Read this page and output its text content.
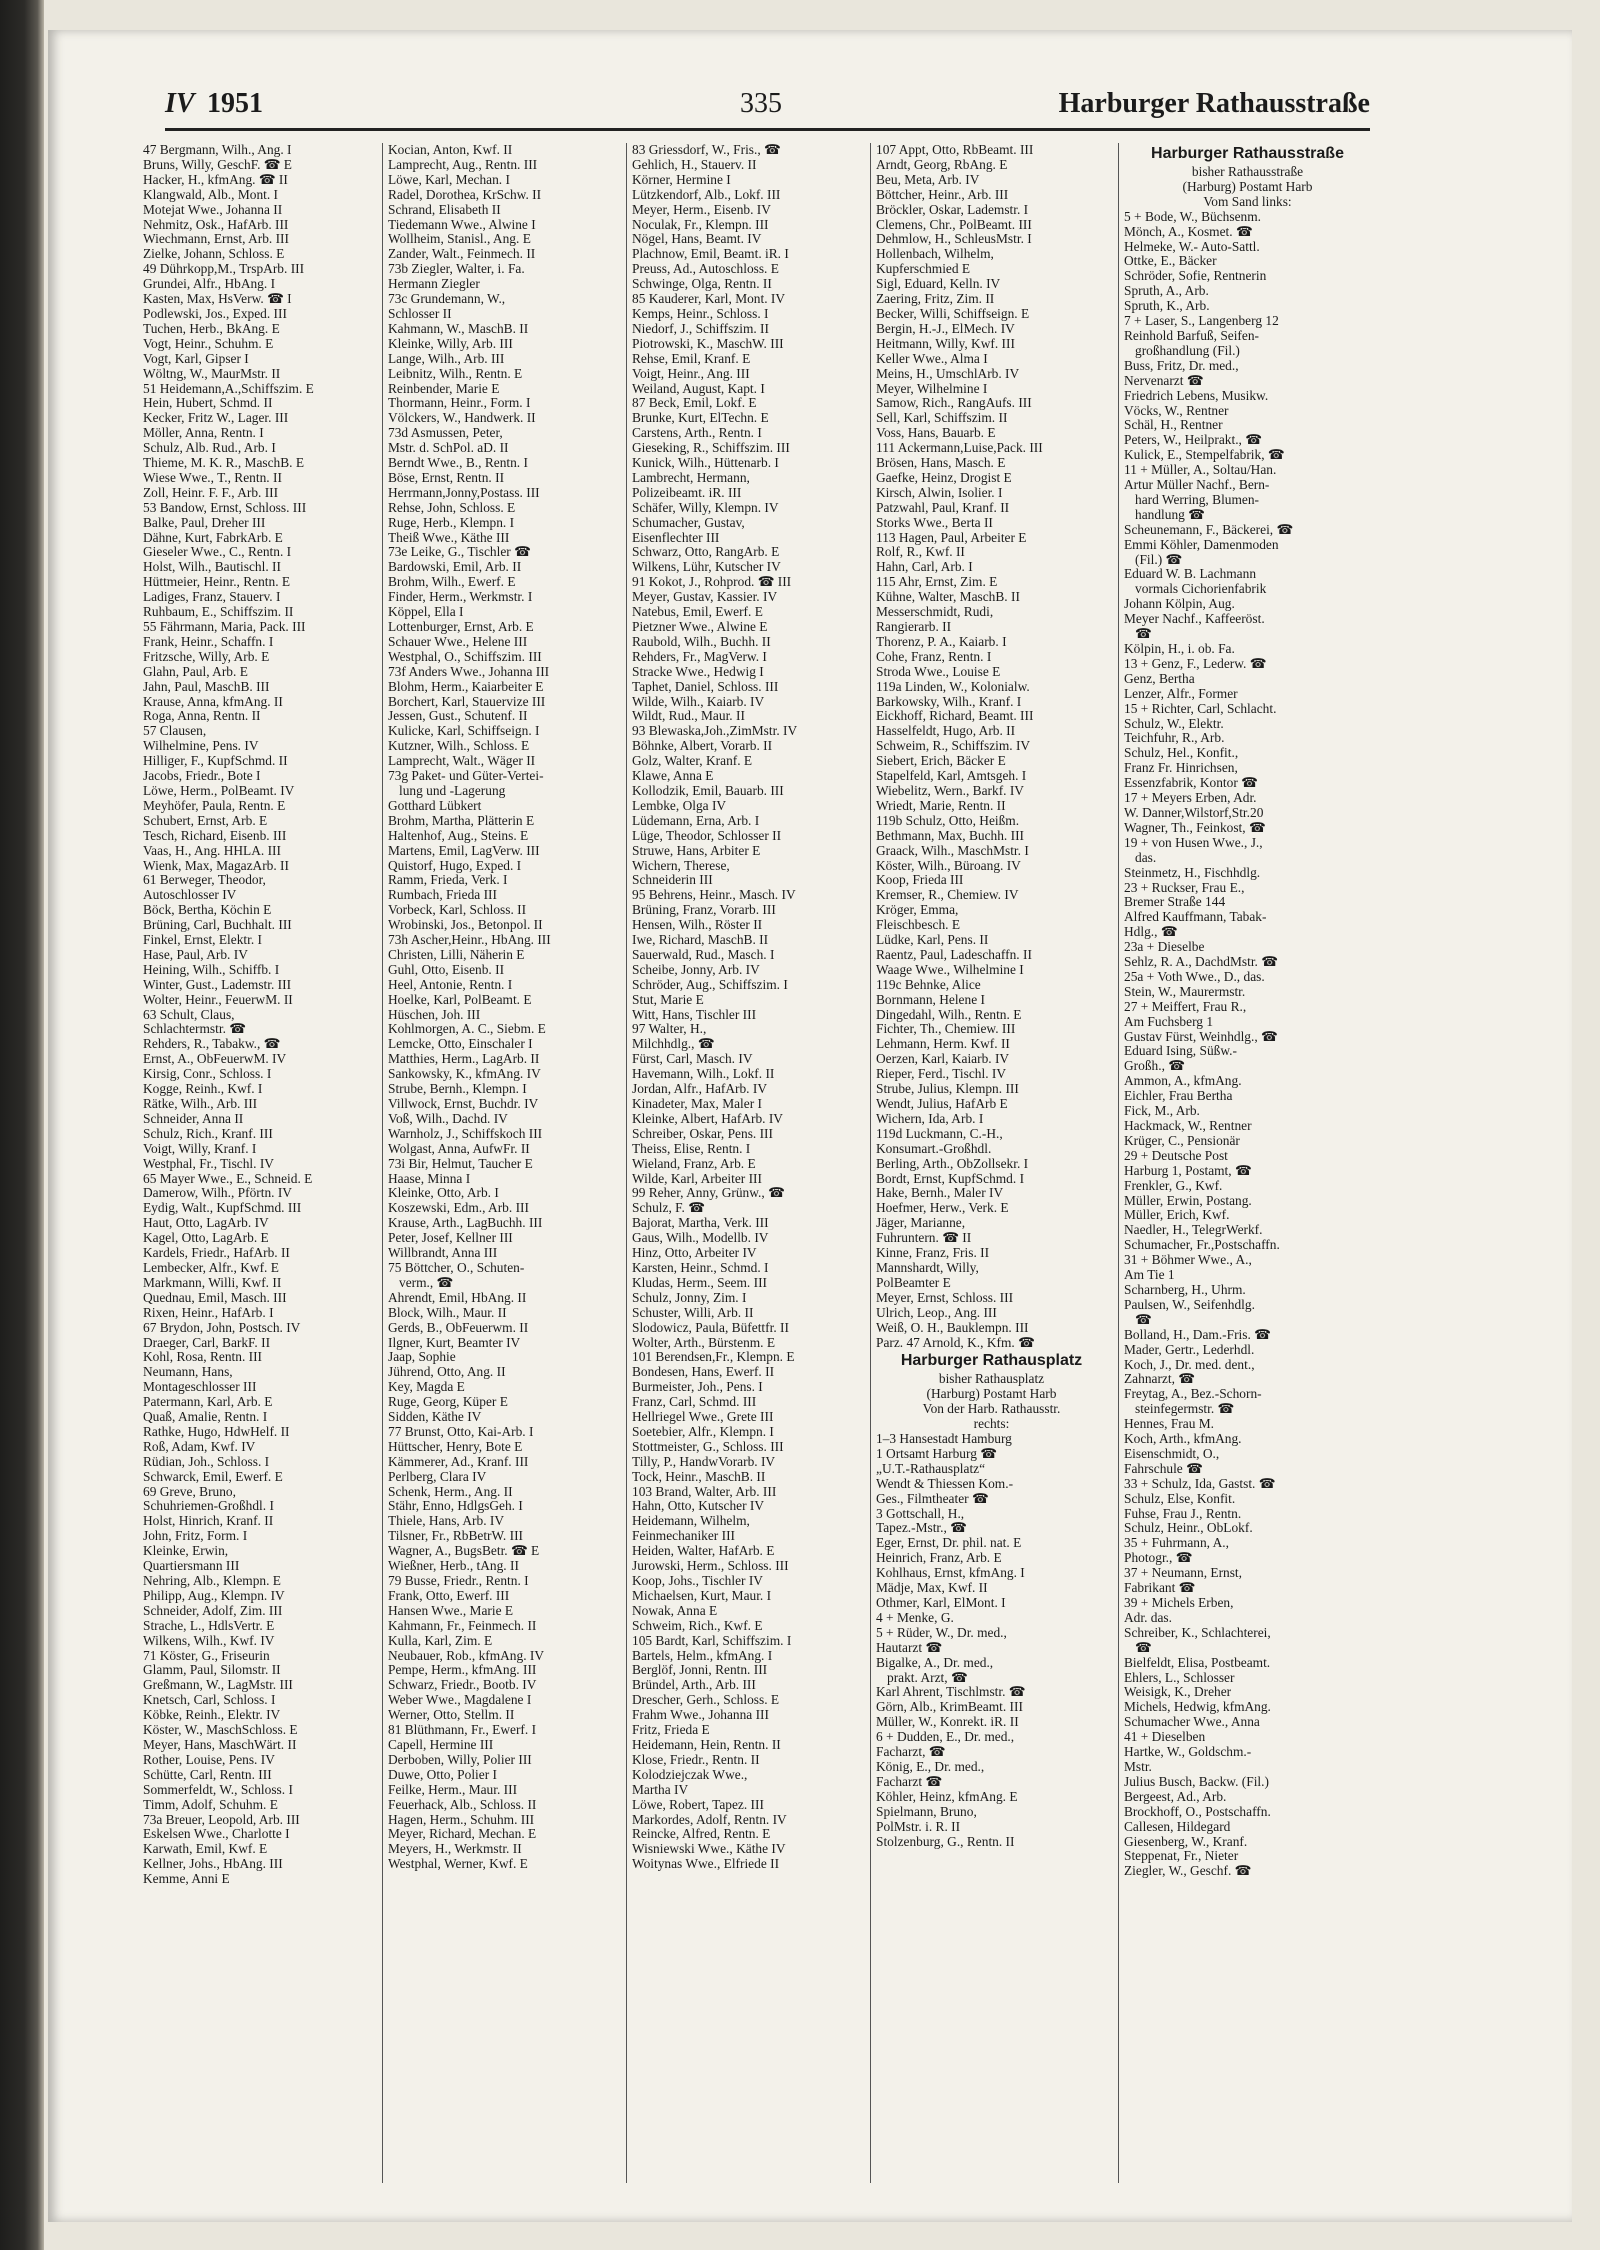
IV 1951	335	Harburger Rathausstraße
47 Bergmann, Wilh., Ang. I
Bruns, Willy, GeschF. ☎ E
Hacker, H., kfmAng. ☎ II
Klangwald, Alb., Mont. I
Motejat Wwe., Johanna II
Nehmitz, Osk., HafArb. III
Wiechmann, Ernst, Arb. III
Zielke, Johann, Schloss. E
49 Dührkopp,M., TrspArb. III
Grundei, Alfr., HbAng. I
Kasten, Max, HsVerw. ☎ I
Podlewski, Jos., Exped. III
Tuchen, Herb., BkAng. E
Vogt, Heinr., Schuhm. E
Vogt, Karl, Gipser I
Wöltng, W., MaurMstr. II
51 Heidemann,A.,Schiffszim. E
Hein, Hubert, Schmd. II
Kecker, Fritz W., Lager. III
Möller, Anna, Rentn. I
Schulz, Alb. Rud., Arb. I
Thieme, M. K. R., MaschB. E
Wiese Wwe., T., Rentn. II
Zoll, Heinr. F. F., Arb. III
53 Bandow, Ernst, Schloss. III
Balke, Paul, Dreher III
Dähne, Kurt, FabrkArb. E
Gieseler Wwe., C., Rentn. I
Holst, Wilh., Bautischl. II
Hüttmeier, Heinr., Rentn. E
Ladiges, Franz, Stauerv. I
Ruhbaum, E., Schiffszim. II
55 Fährmann, Maria, Pack. III
Frank, Heinr., Schaffn. I
Fritzsche, Willy, Arb. E
Glahn, Paul, Arb. E
Jahn, Paul, MaschB. III
Krause, Anna, kfmAng. II
Roga, Anna, Rentn. II
57 Clausen,
Wilhelmine, Pens. IV
Hilliger, F., KupfSchmd. II
Jacobs, Friedr., Bote I
Löwe, Herm., PolBeamt. IV
Meyhöfer, Paula, Rentn. E
Schubert, Ernst, Arb. E
Tesch, Richard, Eisenb. III
Vaas, H., Ang. HHLA. III
Wienk, Max, MagazArb. II
61 Berweger, Theodor,
Autoschlosser IV
Böck, Bertha, Köchin E
Brüning, Carl, Buchhalt. III
Finkel, Ernst, Elektr. I
Hase, Paul, Arb. IV
Heining, Wilh., Schiffb. I
Winter, Gust., Lademstr. III
Wolter, Heinr., FeuerwM. II
63 Schult, Claus,
Schlachtermstr. ☎
Rehders, R., Tabakw., ☎
Ernst, A., ObFeuerwM. IV
Kirsig, Conr., Schloss. I
Kogge, Reinh., Kwf. I
Rätke, Wilh., Arb. III
Schneider, Anna II
Schulz, Rich., Kranf. III
Voigt, Willy, Kranf. I
Westphal, Fr., Tischl. IV
65 Mayer Wwe., E., Schneid. E
Damerow, Wilh., Pförtn. IV
Eydig, Walt., KupfSchmd. III
Haut, Otto, LagArb. IV
Kagel, Otto, LagArb. E
Kardels, Friedr., HafArb. II
Lembecker, Alfr., Kwf. E
Markmann, Willi, Kwf. II
Quednau, Emil, Masch. III
Rixen, Heinr., HafArb. I
67 Brydon, John, Postsch. IV
Draeger, Carl, BarkF. II
Kohl, Rosa, Rentn. III
Neumann, Hans,
Montageschlosser III
Patermann, Karl, Arb. E
Quaß, Amalie, Rentn. I
Rathke, Hugo, HdwHelf. II
Roß, Adam, Kwf. IV
Rüdian, Joh., Schloss. I
Schwarck, Emil, Ewerf. E
69 Greve, Bruno,
Schuhriemen-Großhdl. I
Holst, Hinrich, Kranf. II
John, Fritz, Form. I
Kleinke, Erwin,
Quartiersmann III
Nehring, Alb., Klempn. E
Philipp, Aug., Klempn. IV
Schneider, Adolf, Zim. III
Strache, L., HdlsVertr. E
Wilkens, Wilh., Kwf. IV
71 Köster, G., Friseurin
Glamm, Paul, Silomstr. II
Greßmann, W., LagMstr. III
Knetsch, Carl, Schloss. I
Köbke, Reinh., Elektr. IV
Köster, W., MaschSchloss. E
Meyer, Hans, MaschWärt. II
Rother, Louise, Pens. IV
Schütte, Carl, Rentn. III
Sommerfeldt, W., Schloss. I
Timm, Adolf, Schuhm. E
73a Breuer, Leopold, Arb. III
Eskelsen Wwe., Charlotte I
Karwath, Emil, Kwf. E
Kellner, Johs., HbAng. III
Kemme, Anni E
Kocian, Anton, Kwf. II
Lamprecht, Aug., Rentn. III
Löwe, Karl, Mechan. I
Radel, Dorothea, KrSchw. II
Schrand, Elisabeth II
Tiedemann Wwe., Alwine I
Wollheim, Stanisl., Ang. E
Zander, Walt., Feinmech. II
73b Ziegler, Walter, i. Fa.
Hermann Ziegler
73c Grundemann, W.,
Schlosser II
Kahmann, W., MaschB. II
Kleinke, Willy, Arb. III
Lange, Wilh., Arb. III
Leibnitz, Wilh., Rentn. E
Reinbender, Marie E
Thormann, Heinr., Form. I
Völckers, W., Handwerk. II
73d Asmussen, Peter,
Mstr. d. SchPol. aD. II
Berndt Wwe., B., Rentn. I
Böse, Ernst, Rentn. II
Herrmann,Jonny,Postass. III
Rehse, John, Schloss. E
Ruge, Herb., Klempn. I
Theiß Wwe., Käthe III
73e Leike, G., Tischler ☎
Bardowski, Emil, Arb. II
Brohm, Wilh., Ewerf. E
Finder, Herm., Werkmstr. I
Köppel, Ella I
Lottenburger, Ernst, Arb. E
Schauer Wwe., Helene III
Westphal, O., Schiffszim. III
73f Anders Wwe., Johanna III
Blohm, Herm., Kaiarbeiter E
Borchert, Karl, Stauervize III
Jessen, Gust., Schutenf. II
Kulicke, Karl, Schiffseign. I
Kutzner, Wilh., Schloss. E
Lamprecht, Walt., Wäger II
73g Paket- und Güter-Vertei-
lung und -Lagerung
Gotthard Lübkert
Brohm, Martha, Plätterin E
Haltenhof, Aug., Steins. E
Martens, Emil, LagVerw. III
Quistorf, Hugo, Exped. I
Ramm, Frieda, Verk. I
Rumbach, Frieda III
Vorbeck, Karl, Schloss. II
Wrobinski, Jos., Betonpol. II
73h Ascher,Heinr., HbAng. III
Christen, Lilli, Näherin E
Guhl, Otto, Eisenb. II
Heel, Antonie, Rentn. I
Hoelke, Karl, PolBeamt. E
Hüschen, Joh. III
Kohlmorgen, A. C., Siebm. E
Lemcke, Otto, Einschaler I
Matthies, Herm., LagArb. II
Sankowsky, K., kfmAng. IV
Strube, Bernh., Klempn. I
Villwock, Ernst, Buchdr. IV
Voß, Wilh., Dachd. IV
Warnholz, J., Schiffskoch III
Wolgast, Anna, AufwFr. II
73i Bir, Helmut, Taucher E
Haase, Minna I
Kleinke, Otto, Arb. I
Koszewski, Edm., Arb. III
Krause, Arth., LagBuchh. III
Peter, Josef, Kellner III
Willbrandt, Anna III
75 Böttcher, O., Schuten-
verm., ☎
Ahrendt, Emil, HbAng. II
Block, Wilh., Maur. II
Gerds, B., ObFeuerwm. II
Ilgner, Kurt, Beamter IV
Jaap, Sophie
Jührend, Otto, Ang. II
Key, Magda E
Ruge, Georg, Küper E
Sidden, Käthe IV
77 Brunst, Otto, Kai-Arb. I
Hüttscher, Henry, Bote E
Kämmerer, Ad., Kranf. III
Perlberg, Clara IV
Schenk, Herm., Ang. II
Stähr, Enno, HdlgsGeh. I
Thiele, Hans, Arb. IV
Tilsner, Fr., RbBetrW. III
Wagner, A., BugsBetr. ☎ E
Wießner, Herb., tAng. II
79 Busse, Friedr., Rentn. I
Frank, Otto, Ewerf. III
Hansen Wwe., Marie E
Kahmann, Fr., Feinmech. II
Kulla, Karl, Zim. E
Neubauer, Rob., kfmAng. IV
Pempe, Herm., kfmAng. III
Schwarz, Friedr., Bootb. IV
Weber Wwe., Magdalene I
Werner, Otto, Stellm. II
81 Blüthmann, Fr., Ewerf. I
Capell, Hermine III
Derboben, Willy, Polier III
Duwe, Otto, Polier I
Feilke, Herm., Maur. III
Feuerhack, Alb., Schloss. II
Hagen, Herm., Schuhm. III
Meyer, Richard, Mechan. E
Meyers, H., Werkmstr. II
Westphal, Werner, Kwf. E
83 Griessdorf, W., Fris., ☎
Gehlich, H., Stauerv. II
Körner, Hermine I
Lützkendorf, Alb., Lokf. III
Meyer, Herm., Eisenb. IV
Noculak, Fr., Klempn. III
Nögel, Hans, Beamt. IV
Plachnow, Emil, Beamt. iR. I
Preuss, Ad., Autoschloss. E
Schwinge, Olga, Rentn. II
85 Kauderer, Karl, Mont. IV
Kemps, Heinr., Schloss. I
Niedorf, J., Schiffszim. II
Piotrowski, K., MaschW. III
Rehse, Emil, Kranf. E
Voigt, Heinr., Ang. III
Weiland, August, Kapt. I
87 Beck, Emil, Lokf. E
Brunke, Kurt, ElTechn. E
Carstens, Arth., Rentn. I
Gieseking, R., Schiffszim. III
Kunick, Wilh., Hüttenarb. I
Lambrecht, Hermann,
Polizeibeamt. iR. III
Schäfer, Willy, Klempn. IV
Schumacher, Gustav,
Eisenflechter III
Schwarz, Otto, RangArb. E
Wilkens, Lühr, Kutscher IV
91 Kokot, J., Rohprod. ☎ III
Meyer, Gustav, Kassier. IV
Natebus, Emil, Ewerf. E
Pietzner Wwe., Alwine E
Raubold, Wilh., Buchh. II
Rehders, Fr., MagVerw. I
Stracke Wwe., Hedwig I
Taphet, Daniel, Schloss. III
Wilde, Wilh., Kaiarb. IV
Wildt, Rud., Maur. II
93 Blewaska,Joh.,ZimMstr. IV
Böhnke, Albert, Vorarb. II
Golz, Walter, Kranf. E
Klawe, Anna E
Kollodzik, Emil, Bauarb. III
Lembke, Olga IV
Lüdemann, Erna, Arb. I
Lüge, Theodor, Schlosser II
Struwe, Hans, Arbiter E
Wichern, Therese,
Schneiderin III
95 Behrens, Heinr., Masch. IV
Brüning, Franz, Vorarb. III
Hensen, Wilh., Röster II
Iwe, Richard, MaschB. II
Sauerwald, Rud., Masch. I
Scheibe, Jonny, Arb. IV
Schröder, Aug., Schiffszim. I
Stut, Marie E
Witt, Hans, Tischler III
97 Walter, H.,
Milchhdlg., ☎
Fürst, Carl, Masch. IV
Havemann, Wilh., Lokf. II
Jordan, Alfr., HafArb. IV
Kinadeter, Max, Maler I
Kleinke, Albert, HafArb. IV
Schreiber, Oskar, Pens. III
Theiss, Elise, Rentn. I
Wieland, Franz, Arb. E
Wilde, Karl, Arbeiter III
99 Reher, Anny, Grünw., ☎
Schulz, F. ☎
Bajorat, Martha, Verk. III
Gaus, Wilh., Modellb. IV
Hinz, Otto, Arbeiter IV
Karsten, Heinr., Schmd. I
Kludas, Herm., Seem. III
Schulz, Jonny, Zim. I
Schuster, Willi, Arb. II
Slodowicz, Paula, Büfettfr. II
Wolter, Arth., Bürstenm. E
101 Berendsen,Fr., Klempn. E
Bondesen, Hans, Ewerf. II
Burmeister, Joh., Pens. I
Franz, Carl, Schmd. III
Hellriegel Wwe., Grete III
Soetebier, Alfr., Klempn. I
Stottmeister, G., Schloss. III
Tilly, P., HandwVorarb. IV
Tock, Heinr., MaschB. II
103 Brand, Walter, Arb. III
Hahn, Otto, Kutscher IV
Heidemann, Wilhelm,
Feinmechaniker III
Heiden, Walter, HafArb. E
Jurowski, Herm., Schloss. III
Koop, Johs., Tischler IV
Michaelsen, Kurt, Maur. I
Nowak, Anna E
Schweim, Rich., Kwf. E
105 Bardt, Karl, Schiffszim. I
Bartels, Helm., kfmAng. I
Berglöf, Jonni, Rentn. III
Bründel, Arth., Arb. III
Drescher, Gerh., Schloss. E
Frahm Wwe., Johanna III
Fritz, Frieda E
Heidemann, Hein, Rentn. II
Klose, Friedr., Rentn. II
Kolodziejczak Wwe.,
Martha IV
Löwe, Robert, Tapez. III
Markordes, Adolf, Rentn. IV
Reincke, Alfred, Rentn. E
Wisniewski Wwe., Käthe IV
Woitynas Wwe., Elfriede II
107 Appt, Otto, RbBeamt. III
Arndt, Georg, RbAng. E
Beu, Meta, Arb. IV
Böttcher, Heinr., Arb. III
Bröckler, Oskar, Lademstr. I
Clemens, Chr., PolBeamt. III
Dehmlow, H., SchleusMstr. I
Hollenbach, Wilhelm,
Kupferschmied E
Sigl, Eduard, Kelln. IV
Zaering, Fritz, Zim. II
Becker, Willi, Schiffseign. E
Bergin, H.-J., ElMech. IV
Heitmann, Willy, Kwf. III
Keller Wwe., Alma I
Meins, H., UmschlArb. IV
Meyer, Wilhelmine I
Samow, Rich., RangAufs. III
Sell, Karl, Schiffszim. II
Voss, Hans, Bauarb. E
111 Ackermann,Luise,Pack. III
Brösen, Hans, Masch. E
Gaefke, Heinz, Drogist E
Kirsch, Alwin, Isolier. I
Patzwahl, Paul, Kranf. II
Storks Wwe., Berta II
113 Hagen, Paul, Arbeiter E
Rolf, R., Kwf. II
Hahn, Carl, Arb. I
115 Ahr, Ernst, Zim. E
Kühne, Walter, MaschB. II
Messerschmidt, Rudi,
Rangierarb. II
Thorenz, P. A., Kaiarb. I
Cohe, Franz, Rentn. I
Stroda Wwe., Louise E
119a Linden, W., Kolonialw.
Barkowsky, Wilh., Kranf. I
Eickhoff, Richard, Beamt. III
Hasselfeldt, Hugo, Arb. II
Schweim, R., Schiffszim. IV
Siebert, Erich, Bäcker E
Stapelfeld, Karl, Amtsgeh. I
Wiebelitz, Wern., Barkf. IV
Wriedt, Marie, Rentn. II
119b Schulz, Otto, Heißm.
Bethmann, Max, Buchh. III
Graack, Wilh., MaschMstr. I
Köster, Wilh., Büroang. IV
Koop, Frieda III
Kremser, R., Chemiew. IV
Kröger, Emma,
Fleischbesch. E
Lüdke, Karl, Pens. II
Raentz, Paul, Ladeschaffn. II
Waage Wwe., Wilhelmine I
119c Behnke, Alice
Bornmann, Helene I
Dingedahl, Wilh., Rentn. E
Fichter, Th., Chemiew. III
Lehmann, Herm. Kwf. II
Oerzen, Karl, Kaiarb. IV
Rieper, Ferd., Tischl. IV
Strube, Julius, Klempn. III
Wendt, Julius, HafArb E
Wichern, Ida, Arb. I
119d Luckmann, C.-H.,
Konsumart.-Großhdl.
Berling, Arth., ObZollsekr. I
Bordt, Ernst, KupfSchmd. I
Hake, Bernh., Maler IV
Hoefmer, Herw., Verk. E
Jäger, Marianne,
Fuhruntern. ☎ II
Kinne, Franz, Fris. II
Mannshardt, Willy,
PolBeamter E
Meyer, Ernst, Schloss. III
Ulrich, Leop., Ang. III
Weiß, O. H., Bauklempn. III
Parz. 47 Arnold, K., Kfm. ☎
Harburger Rathausplatz
bisher Rathausplatz
(Harburg) Postamt Harb
Von der Harb. Rathausstr.
rechts:
1–3 Hansestadt Hamburg
1 Ortsamt Harburg ☎
„U.T.-Rathausplatz“
Wendt & Thiessen Kom.-
Ges., Filmtheater ☎
3 Gottschall, H.,
Tapez.-Mstr., ☎
Eger, Ernst, Dr. phil. nat. E
Heinrich, Franz, Arb. E
Kohlhaus, Ernst, kfmAng. I
Mädje, Max, Kwf. II
Othmer, Karl, ElMont. I
4 + Menke, G.
5 + Rüder, W., Dr. med.,
Hautarzt ☎
Bigalke, A., Dr. med.,
prakt. Arzt, ☎
Karl Ahrent, Tischlmstr. ☎
Görn, Alb., KrimBeamt. III
Müller, W., Konrekt. iR. II
6 + Dudden, E., Dr. med.,
Facharzt, ☎
König, E., Dr. med.,
Facharzt ☎
Köhler, Heinz, kfmAng. E
Spielmann, Bruno,
PolMstr. i. R. II
Stolzenburg, G., Rentn. II
Harburger Rathausstraße
bisher Rathausstraße
(Harburg) Postamt Harb
Vom Sand links:
5 + Bode, W., Büchsenm.
Mönch, A., Kosmet. ☎
Helmeke, W.- Auto-Sattl.
Ottke, E., Bäcker
Schröder, Sofie, Rentnerin
Spruth, A., Arb.
Spruth, K., Arb.
7 + Laser, S., Langenberg 12
Reinhold Barfuß, Seifen-
großhandlung (Fil.)
Buss, Fritz, Dr. med.,
Nervenarzt ☎
Friedrich Lebens, Musikw.
Vöcks, W., Rentner
Schäl, H., Rentner
Peters, W., Heilprakt., ☎
Kulick, E., Stempelfabrik, ☎
11 + Müller, A., Soltau/Han.
Artur Müller Nachf., Bern-
hard Werring, Blumen-
handlung ☎
Scheunemann, F., Bäckerei, ☎
Emmi Köhler, Damenmoden
(Fil.) ☎
Eduard W. B. Lachmann
vormals Cichorienfabrik
Johann Kölpin, Aug.
Meyer Nachf., Kaffeeröst.
☎
Kölpin, H., i. ob. Fa.
13 + Genz, F., Lederw. ☎
Genz, Bertha
Lenzer, Alfr., Former
15 + Richter, Carl, Schlacht.
Schulz, W., Elektr.
Teichfuhr, R., Arb.
Schulz, Hel., Konfit.,
Franz Fr. Hinrichsen,
Essenzfabrik, Kontor ☎
17 + Meyers Erben, Adr.
W. Danner,Wilstorf,Str.20
Wagner, Th., Feinkost, ☎
19 + von Husen Wwe., J.,
das.
Steinmetz, H., Fischhdlg.
23 + Ruckser, Frau E.,
Bremer Straße 144
Alfred Kauffmann, Tabak-
Hdlg., ☎
23a + Dieselbe
Sehlz, R. A., DachdMstr. ☎
25a + Voth Wwe., D., das.
Stein, W., Maurermstr.
27 + Meiffert, Frau R.,
Am Fuchsberg 1
Gustav Fürst, Weinhdlg., ☎
Eduard Ising, Süßw.-
Großh., ☎
Ammon, A., kfmAng.
Eichler, Frau Bertha
Fick, M., Arb.
Hackmack, W., Rentner
Krüger, C., Pensionär
29 + Deutsche Post
Harburg 1, Postamt, ☎
Frenkler, G., Kwf.
Müller, Erwin, Postang.
Müller, Erich, Kwf.
Naedler, H., TelegrWerkf.
Schumacher, Fr.,Postschaffn.
31 + Böhmer Wwe., A.,
Am Tie 1
Scharnberg, H., Uhrm.
Paulsen, W., Seifenhdlg.
☎
Bolland, H., Dam.-Fris. ☎
Mader, Gertr., Lederhdl.
Koch, J., Dr. med. dent.,
Zahnarzt, ☎
Freytag, A., Bez.-Schorn-
steinfegermstr. ☎
Hennes, Frau M.
Koch, Arth., kfmAng.
Eisenschmidt, O.,
Fahrschule ☎
33 + Schulz, Ida, Gastst. ☎
Schulz, Else, Konfit.
Fuhse, Frau J., Rentn.
Schulz, Heinr., ObLokf.
35 + Fuhrmann, A.,
Photogr., ☎
37 + Neumann, Ernst,
Fabrikant ☎
39 + Michels Erben,
Adr. das.
Schreiber, K., Schlachterei,
☎
Bielfeldt, Elisa, Postbeamt.
Ehlers, L., Schlosser
Weisigk, K., Dreher
Michels, Hedwig, kfmAng.
Schumacher Wwe., Anna
41 + Dieselben
Hartke, W., Goldschm.-
Mstr.
Julius Busch, Backw. (Fil.)
Bergeest, Ad., Arb.
Brockhoff, O., Postschaffn.
Callesen, Hildegard
Giesenberg, W., Kranf.
Steppenat, Fr., Nieter
Ziegler, W., Geschf. ☎
